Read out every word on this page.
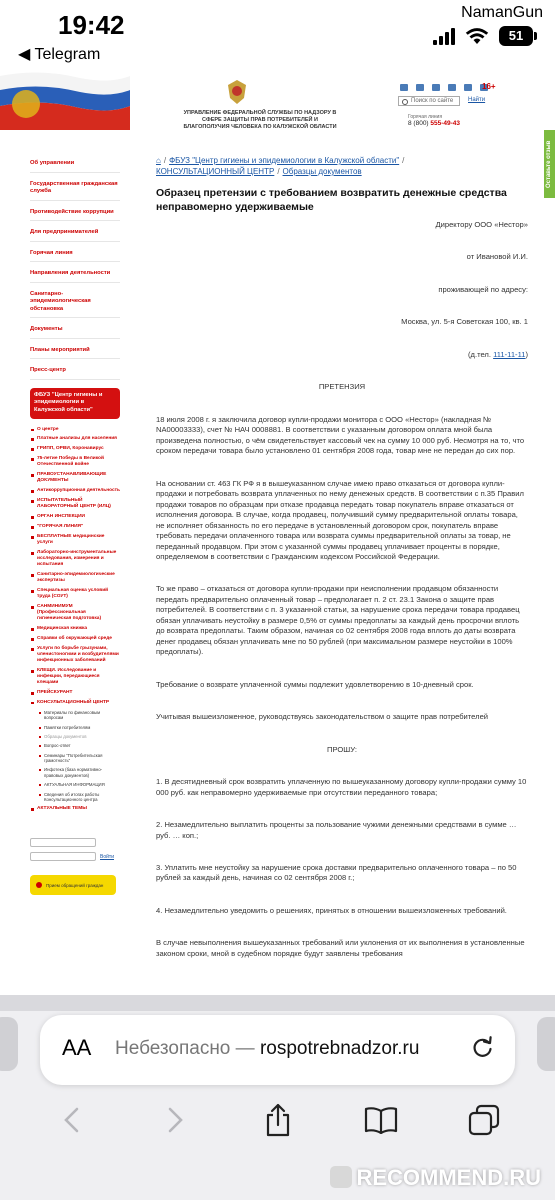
19:42
◀ Telegram
NamanGun
51
УПРАВЛЕНИЕ ФЕДЕРАЛЬНОЙ СЛУЖБЫ ПО НАДЗОРУ В СФЕРЕ ЗАЩИТЫ ПРАВ ПОТРЕБИТЕЛЕЙ И БЛАГОПОЛУЧИЯ ЧЕЛОВЕКА ПО КАЛУЖСКОЙ ОБЛАСТИ
16+
Поиск по сайте	Найти
Горячая линия
8 (800) 555-49-43
Оставьте отзыв
Об управлении
Государственная гражданская служба
Противодействие коррупции
Для предпринимателей
Горячая линия
Направления деятельности
Санитарно-эпидемиологическая обстановка
Документы
Планы мероприятий
Пресс-центр
ФБУЗ "Центр гигиены и эпидемиологии в Калужской области"
О центре
Платные анализы для населения
ГРИПП, ОРВИ, Коронавирус
75-летие Победы в Великой Отечественной войне
ПРАВОУСТАНАВЛИВАЮЩИЕ ДОКУМЕНТЫ
Антикоррупционная деятельность
ИСПЫТАТЕЛЬНЫЙ ЛАБОРАТОРНЫЙ ЦЕНТР (ИЛЦ)
ОРГАН ИНСПЕКЦИИ
"ГОРЯЧАЯ ЛИНИЯ"
БЕСПЛАТНЫЕ медицинские услуги
Лабораторно-инструментальные исследования, измерения и испытания
Санитарно-эпидемиологические экспертизы
Специальная оценка условий труда (СОУТ)
САНМИНИМУМ (Профессиональная гигиеническая подготовка)
Медицинская книжка
Справки об окружающей среде
Услуги по борьбе грызунами, членистоногими и возбудителями инфекционных заболеваний
КЛЕЩИ. Исследование и инфекции, передающиеся клещами
ПРЕЙСКУРАНТ
КОНСУЛЬТАЦИОННЫЙ ЦЕНТР
Материалы по финансовым вопросам
Памятки потребителям
Образцы документов
Вопрос-ответ
Семинары "Потребительская грамотность"
Инфотека (база нормативно-правовых документов)
АКТУАЛЬНАЯ ИНФОРМАЦИЯ
Сведения об итогах работы Консультационного центра
АКТУАЛЬНЫЕ ТЕМЫ
Войти
Прием обращений граждан
⌂ / ФБУЗ "Центр гигиены и эпидемиологии в Калужской области" /
КОНСУЛЬТАЦИОННЫЙ ЦЕНТР / Образцы документов
Образец претензии с требованием возвратить денежные средства неправомерно удерживаемые
Директору ООО «Нестор»
от Ивановой И.И.
проживающей по адресу:
Москва, ул. 5-я Советская 100, кв. 1
(д.тел. 111-11-11)
ПРЕТЕНЗИЯ
18 июля 2008 г. я заключила договор купли-продажи монитора с ООО «Нестор» (накладная № NA00003333), счет № НАЧ 0008881. В соответствии с указанным договором оплата мной была произведена полностью, о чём свидетельствует кассовый чек на сумму 10 000 руб. Несмотря на то, что сроком передачи товара было установлено 01 сентября 2008 года, товар мне не передан до сих пор.
На основании ст. 463 ГК РФ я в вышеуказанном случае имею право отказаться от договора купли-продажи и потребовать возврата уплаченных по нему денежных средств. В соответствии с п.35 Правил продажи товаров по образцам при отказе продавца передать товар покупатель вправе отказаться от исполнения договора. В случае, когда продавец, получивший сумму предварительной оплаты товара, не исполняет обязанность по его передаче в установленный договором срок, покупатель вправе требовать передачи оплаченного товара или возврата суммы предварительной оплаты за товар, не переданный продавцом. При этом с указанной суммы продавец уплачивает проценты в порядке, определяемом в соответствии с Гражданским кодексом Российской Федерации.
То же право – отказаться от договора купли-продажи при неисполнении продавцом обязанности передать предварительно оплаченный товар – предполагает п. 2 ст. 23.1 Закона о защите прав потребителей. В соответствии с п. 3 указанной статьи, за нарушение срока передачи товара продавец обязан уплачивать неустойку в размере 0,5% от суммы предоплаты за каждый день просрочки вплоть до возврата предоплаты. Таким образом, начиная со 02 сентября 2008 года вплоть до даты возврата денег продавец обязан уплачивать мне по 50 рублей (при максимальном размере неустойки в 100% предоплаты).
Требование о возврате уплаченной суммы подлежит удовлетворению в 10-дневный срок.
Учитывая вышеизложенное, руководствуясь законодательством о защите прав потребителей
ПРОШУ:
1. В десятидневный срок возвратить уплаченную по вышеуказанному договору купли-продажи сумму 10 000 руб. как неправомерно удерживаемые при отсутствии переданного товара;
2. Незамедлительно выплатить проценты за пользование чужими денежными средствами в сумме … руб. … коп.;
3. Уплатить мне неустойку за нарушение срока доставки предварительно оплаченного товара – по 50 рублей за каждый день, начиная со 02 сентября 2008 г.;
4. Незамедлительно уведомить о решениях, принятых в отношении вышеизложенных требований.
В случае невыполнения вышеуказанных требований или уклонения от их выполнения в установленные законом сроки, мной в судебном порядке будут заявлены требования
AA Небезопасно — rospotrebnadzor.ru
RECOMMEND.RU
